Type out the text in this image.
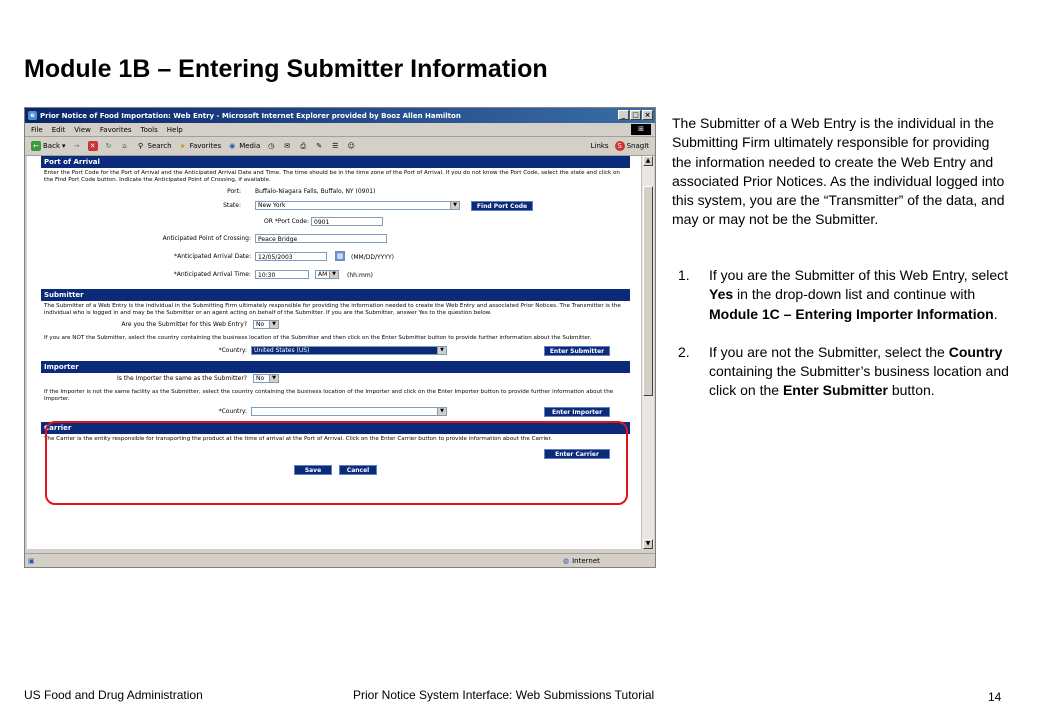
Module 1B – Entering Submitter Information
e Prior Notice of Food Importation: Web Entry - Microsoft Internet Explorer provided by Booz Allen Hamilton	_ □ ×
File Edit View Favorites Tools Help	⊞
← Back ▾ → ✕ ↻	⌂	⚲ Search ★ Favorites ◉ Media ◷ ✉	⎙	✎ ☰ ☺	Links	S SnagIt
Port of Arrival
Enter the Port Code for the Port of Arrival and the Anticipated Arrival Date and Time. The time should be in the time zone of the Port of Arrival. If you do not know the Port Code, select the state and click on the Find Port Code button. Indicate the Anticipated Point of Crossing, if available.
Port: Buffalo-Niagara Falls, Buffalo, NY (0901)
State:	New York	▼	Find Port Code
OR *Port Code: 0901
Anticipated Point of Crossing:	Peace Bridge
*Anticipated Arrival Date:	12/05/2003	▦ (MM/DD/YYYY)
*Anticipated Arrival Time:	10:30	AM ▼	(hh:mm)
Submitter
The Submitter of a Web Entry is the individual in the Submitting Firm ultimately responsible for providing the information needed to create the Web Entry and associated Prior Notices. The Transmitter is the individual who is logged in and may be the Submitter or an agent acting on behalf of the Submitter. If you are the Submitter, answer Yes to the question below.
Are you the Submitter for this Web Entry?	No	▼
If you are NOT the Submitter, select the country containing the business location of the Submitter and then click on the Enter Submitter button to provide further information about the Submitter.
*Country:	United States (US)	▼	Enter Submitter
Importer
Is the Importer the same as the Submitter?	No	▼
If the Importer is not the same facility as the Submitter, select the country containing the business location of the Importer and click on the Enter Importer button to provide further information about the Importer.
*Country:	▼	Enter Importer
Carrier
The Carrier is the entity responsible for transporting the product at the time of arrival at the Port of Arrival. Click on the Enter Carrier button to provide information about the Carrier.
Enter Carrier
Save	Cancel
▲
▼
▣	◍ Internet
The Submitter of a Web Entry is the individual in the Submitting Firm ultimately responsible for providing the information needed to create the Web Entry and associated Prior Notices. As the individual logged into this system, you are the “Transmitter” of the data, and may or may not be the Submitter.
1. If you are the Submitter of this Web Entry, select Yes in the drop-down list and continue with Module 1C – Entering Importer Information.
2. If you are not the Submitter, select the Country containing the Submitter’s business location and click on the Enter Submitter button.
US Food and Drug Administration	Prior Notice System Interface: Web Submissions Tutorial	14
